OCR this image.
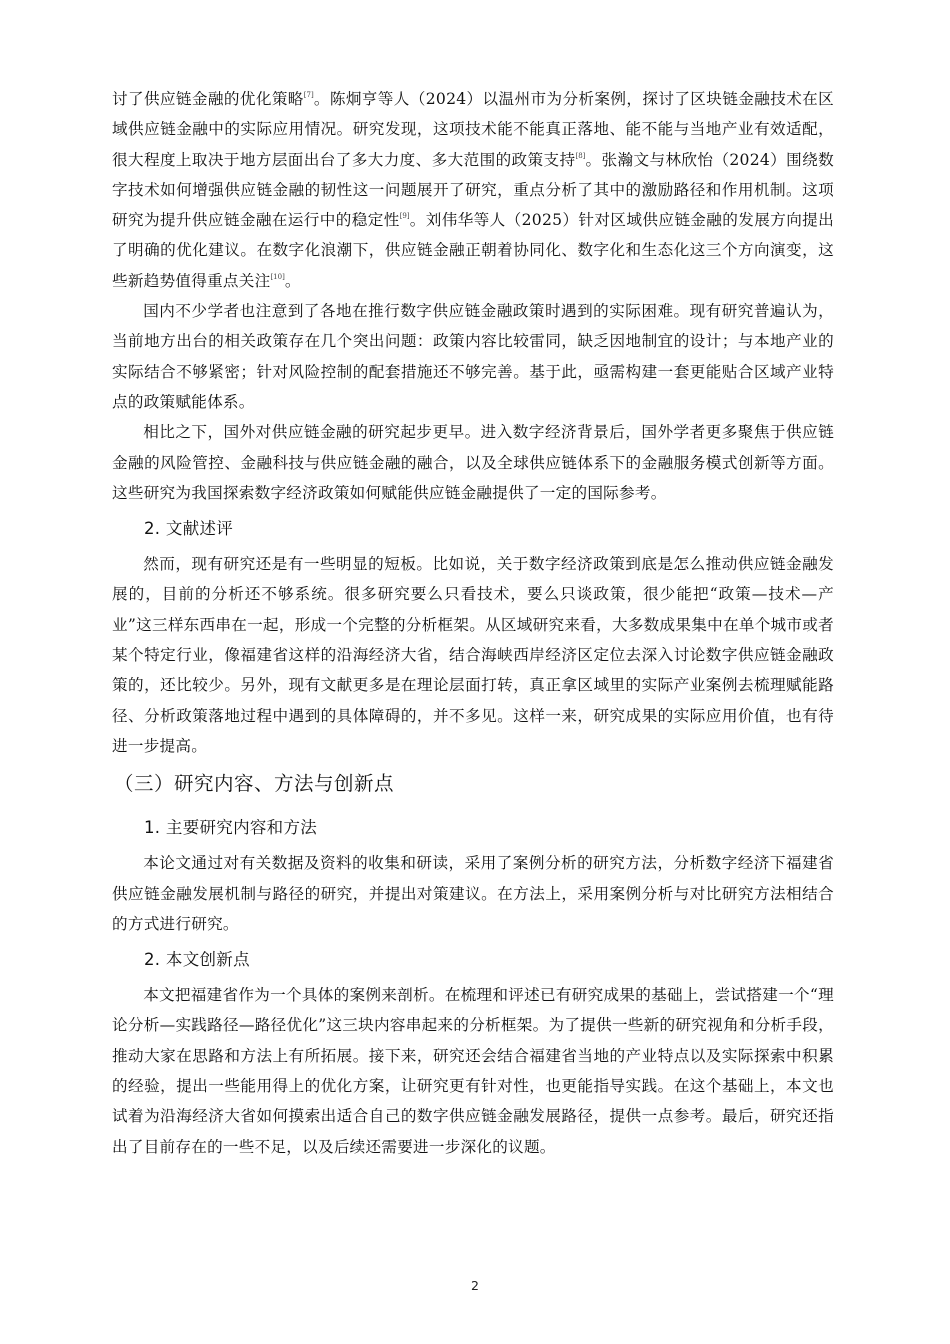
讨了供应链金融的优化策略[7]。陈炯亨等人（2024）以温州市为分析案例，探讨了区块链金融技术在区域供应链金融中的实际应用情况。研究发现，这项技术能不能真正落地、能不能与当地产业有效适配，很大程度上取决于地方层面出台了多大力度、多大范围的政策支持[8]。张瀚文与林欣怡（2024）围绕数字技术如何增强供应链金融的韧性这一问题展开了研究，重点分析了其中的激励路径和作用机制。这项研究为提升供应链金融在运行中的稳定性[9]。刘伟华等人（2025）针对区域供应链金融的发展方向提出了明确的优化建议。在数字化浪潮下，供应链金融正朝着协同化、数字化和生态化这三个方向演变，这些新趋势值得重点关注[10]。

国内不少学者也注意到了各地在推行数字供应链金融政策时遇到的实际困难。现有研究普遍认为，当前地方出台的相关政策存在几个突出问题：政策内容比较雷同，缺乏因地制宜的设计；与本地产业的实际结合不够紧密；针对风险控制的配套措施还不够完善。基于此，亟需构建一套更能贴合区域产业特点的政策赋能体系。

相比之下，国外对供应链金融的研究起步更早。进入数字经济背景后，国外学者更多聚焦于供应链金融的风险管控、金融科技与供应链金融的融合，以及全球供应链体系下的金融服务模式创新等方面。这些研究为我国探索数字经济政策如何赋能供应链金融提供了一定的国际参考。

2. 文献述评

然而，现有研究还是有一些明显的短板。比如说，关于数字经济政策到底是怎么推动供应链金融发展的，目前的分析还不够系统。很多研究要么只看技术，要么只谈政策，很少能把“政策—技术—产业”这三样东西串在一起，形成一个完整的分析框架。从区域研究来看，大多数成果集中在单个城市或者某个特定行业，像福建省这样的沿海经济大省，结合海峡西岸经济区定位去深入讨论数字供应链金融政策的，还比较少。另外，现有文献更多是在理论层面打转，真正拿区域里的实际产业案例去梳理赋能路径、分析政策落地过程中遇到的具体障碍的，并不多见。这样一来，研究成果的实际应用价值，也有待进一步提高。

（三）研究内容、方法与创新点
1. 主要研究内容和方法

本论文通过对有关数据及资料的收集和研读，采用了案例分析的研究方法，分析数字经济下福建省供应链金融发展机制与路径的研究，并提出对策建议。在方法上，采用案例分析与对比研究方法相结合的方式进行研究。

2. 本文创新点

本文把福建省作为一个具体的案例来剖析。在梳理和评述已有研究成果的基础上，尝试搭建一个“理论分析—实践路径—路径优化”这三块内容串起来的分析框架。为了提供一些新的研究视角和分析手段，推动大家在思路和方法上有所拓展。接下来，研究还会结合福建省当地的产业特点以及实际探索中积累的经验，提出一些能用得上的优化方案，让研究更有针对性，也更能指导实践。在这个基础上，本文也试着为沿海经济大省如何摸索出适合自己的数字供应链金融发展路径，提供一点参考。最后，研究还指出了目前存在的一些不足，以及后续还需要进一步深化的议题。

2
